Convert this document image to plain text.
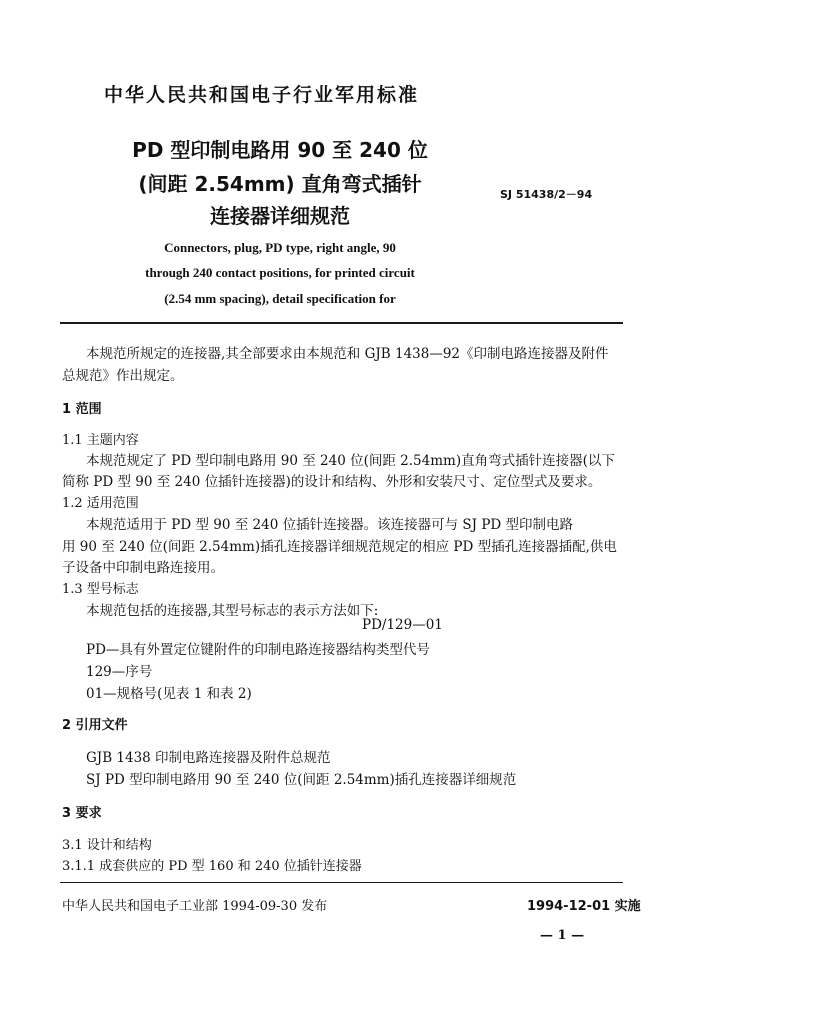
中华人民共和国电子行业军用标准
PD 型印制电路用 90 至 240 位
(间距 2.54mm) 直角弯式插针
连接器详细规范
SJ 51438/2－94
Connectors, plug, PD type, right angle, 90
through 240 contact positions, for printed circuit
(2.54 mm spacing), detail specification for
本规范所规定的连接器,其全部要求由本规范和 GJB 1438—92《印制电路连接器及附件
总规范》作出规定。
1 范围
1.1 主题内容
本规范规定了 PD 型印制电路用 90 至 240 位(间距 2.54mm)直角弯式插针连接器(以下
简称 PD 型 90 至 240 位插针连接器)的设计和结构、外形和安装尺寸、定位型式及要求。
1.2 适用范围
本规范适用于 PD 型 90 至 240 位插针连接器。该连接器可与 SJ PD 型印制电路
用 90 至 240 位(间距 2.54mm)插孔连接器详细规范规定的相应 PD 型插孔连接器插配,供电
子设备中印制电路连接用。
1.3 型号标志
本规范包括的连接器,其型号标志的表示方法如下:
PD/129—01
PD—具有外置定位键附件的印制电路连接器结构类型代号
129—序号
01—规格号(见表 1 和表 2)
2 引用文件
GJB 1438 印制电路连接器及附件总规范
SJ PD 型印制电路用 90 至 240 位(间距 2.54mm)插孔连接器详细规范
3 要求
3.1 设计和结构
3.1.1 成套供应的 PD 型 160 和 240 位插针连接器
中华人民共和国电子工业部 1994-09-30 发布	1994-12-01 实施
— 1 —
